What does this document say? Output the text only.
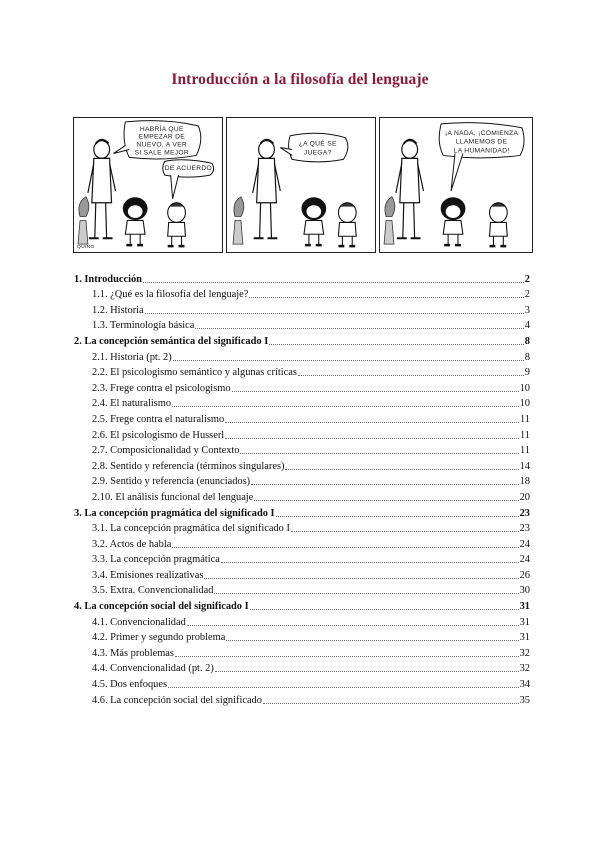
Introducción a la filosofía del lenguaje
HABRÍA QUE
EMPEZAR DE
NUEVO, A VER
SI SALE MEJOR
DE ACUERDO
QUINO
¿A QUÉ SE
JUEGA?
¡A NADA, ¡COMIENZA
LLAMEMOS DE
LA HUMANIDAD!
1. Introducción	2
1.1. ¿Qué es la filosofía del lenguaje?	2
1.2. Historia	3
1.3. Terminología básica	4
2. La concepción semántica del significado I	8
2.1. Historia (pt. 2)	8
2.2. El psicologismo semántico y algunas críticas	9
2.3. Frege contra el psicologismo	10
2.4. El naturalismo	10
2.5. Frege contra el naturalismo	11
2.6. El psicologismo de Husserl	11
2.7. Composicionalidad y Contexto	11
2.8. Sentido y referencia (términos singulares)	14
2.9. Sentido y referencia (enunciados)	18
2.10. El análisis funcional del lenguaje	20
3. La concepción pragmática del significado I	23
3.1. La concepción pragmática del significado I	23
3.2. Actos de habla	24
3.3. La concepción pragmática	24
3.4. Emisiones realizativas	26
3.5. Extra. Convencionalidad	30
4. La concepción social del significado I	31
4.1. Convencionalidad	31
4.2. Primer y segundo problema	31
4.3. Más problemas	32
4.4. Convencionalidad (pt. 2)	32
4.5. Dos enfoques	34
4.6. La concepción social del significado	35
